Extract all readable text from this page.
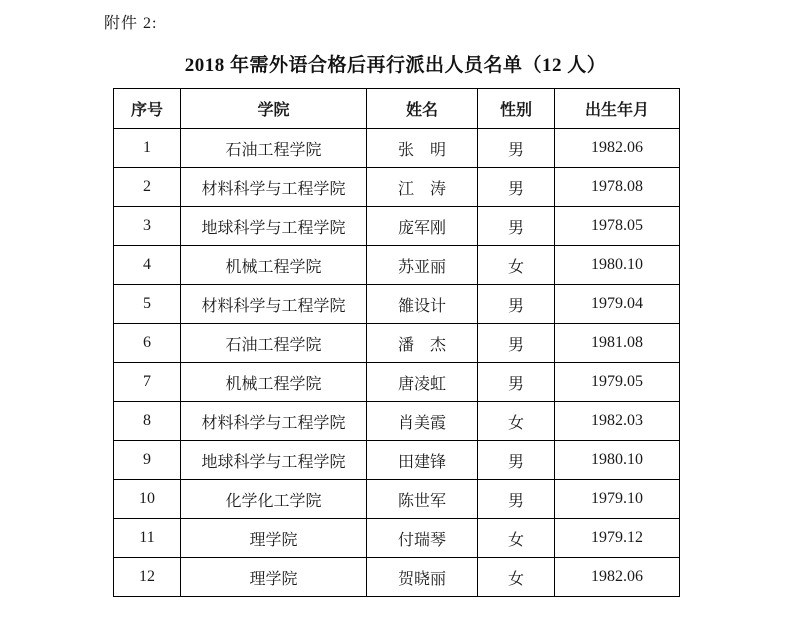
附件 2:
2018 年需外语合格后再行派出人员名单（12 人）
序号	学院	姓名	性别	出生年月
1	石油工程学院	张　明	男	1982.06
2	材料科学与工程学院	江　涛	男	1978.08
3	地球科学与工程学院	庞军刚	男	1978.05
4	机械工程学院	苏亚丽	女	1980.10
5	材料科学与工程学院	雒设计	男	1979.04
6	石油工程学院	潘　杰	男	1981.08
7	机械工程学院	唐凌虹	男	1979.05
8	材料科学与工程学院	肖美霞	女	1982.03
9	地球科学与工程学院	田建锋	男	1980.10
10	化学化工学院	陈世军	男	1979.10
11	理学院	付瑞琴	女	1979.12
12	理学院	贺晓丽	女	1982.06
